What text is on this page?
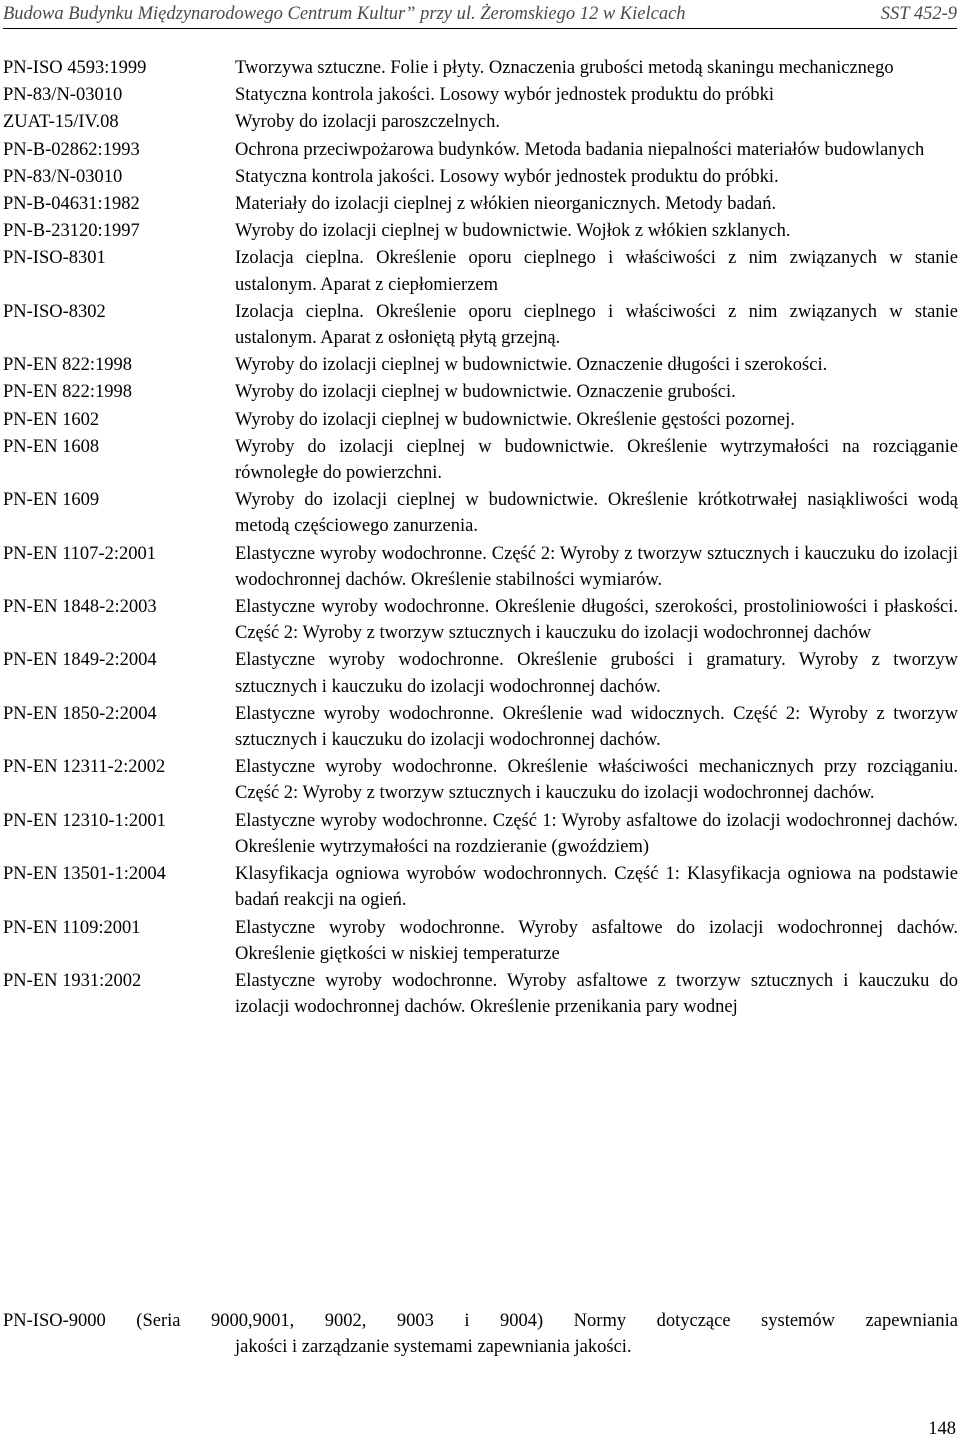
Budowa Budynku Międzynarodowego Centrum Kultur” przy ul. Żeromskiego 12 w Kielcach	SST 452-9
PN-ISO 4593:1999	Tworzywa sztuczne. Folie i płyty. Oznaczenia grubości metodą skaningu mechanicznego
PN-83/N-03010	Statyczna kontrola jakości. Losowy wybór jednostek produktu do próbki
ZUAT-15/IV.08	Wyroby do izolacji paroszczelnych.
PN-B-02862:1993	Ochrona przeciwpożarowa budynków. Metoda badania niepalności materiałów budowlanych
PN-83/N-03010	Statyczna kontrola jakości. Losowy wybór jednostek produktu do próbki.
PN-B-04631:1982	Materiały do izolacji cieplnej z włókien nieorganicznych. Metody badań.
PN-B-23120:1997	Wyroby do izolacji cieplnej w budownictwie. Wojłok z włókien szklanych.
PN-ISO-8301	Izolacja cieplna. Określenie oporu cieplnego i właściwości z nim związanych w stanie ustalonym. Aparat z ciepłomierzem
PN-ISO-8302	Izolacja cieplna. Określenie oporu cieplnego i właściwości z nim związanych w stanie ustalonym. Aparat z osłoniętą płytą grzejną.
PN-EN 822:1998	Wyroby do izolacji cieplnej w budownictwie. Oznaczenie długości i szerokości.
PN-EN 822:1998	Wyroby do izolacji cieplnej w budownictwie. Oznaczenie grubości.
PN-EN 1602	Wyroby do izolacji cieplnej w budownictwie. Określenie gęstości pozornej.
PN-EN 1608	Wyroby do izolacji cieplnej w budownictwie. Określenie wytrzymałości na rozciąganie równoległe do powierzchni.
PN-EN 1609	Wyroby do izolacji cieplnej w budownictwie. Określenie krótkotrwałej nasiąkliwości wodą metodą częściowego zanurzenia.
PN-EN 1107-2:2001	Elastyczne wyroby wodochronne. Część 2: Wyroby z tworzyw sztucznych i kauczuku do izolacji wodochronnej dachów. Określenie stabilności wymiarów.
PN-EN 1848-2:2003	Elastyczne wyroby wodochronne. Określenie długości, szerokości, prostoliniowości i płaskości. Część 2: Wyroby z tworzyw sztucznych i kauczuku do izolacji wodochronnej dachów
PN-EN 1849-2:2004	Elastyczne wyroby wodochronne. Określenie grubości i gramatury. Wyroby z tworzyw sztucznych i kauczuku do izolacji wodochronnej dachów.
PN-EN 1850-2:2004	Elastyczne wyroby wodochronne. Określenie wad widocznych. Część 2: Wyroby z tworzyw sztucznych i kauczuku do izolacji wodochronnej dachów.
PN-EN 12311-2:2002	Elastyczne wyroby wodochronne. Określenie właściwości mechanicznych przy rozciąganiu. Część 2: Wyroby z tworzyw sztucznych i kauczuku do izolacji wodochronnej dachów.
PN-EN 12310-1:2001	Elastyczne wyroby wodochronne. Część 1: Wyroby asfaltowe do izolacji wodochronnej dachów. Określenie wytrzymałości na rozdzieranie (gwoździem)
PN-EN 13501-1:2004	Klasyfikacja ogniowa wyrobów wodochronnych. Część 1: Klasyfikacja ogniowa na podstawie badań reakcji na ogień.
PN-EN 1109:2001	Elastyczne wyroby wodochronne. Wyroby asfaltowe do izolacji wodochronnej dachów. Określenie giętkości w niskiej temperaturze
PN-EN 1931:2002	Elastyczne wyroby wodochronne. Wyroby asfaltowe z tworzyw sztucznych i kauczuku do izolacji wodochronnej dachów. Określenie przenikania pary wodnej
PN-ISO-9000 (Seria 9000,9001, 9002, 9003 i 9004) Normy dotyczące systemów zapewniania
jakości i zarządzanie systemami zapewniania jakości.
148
